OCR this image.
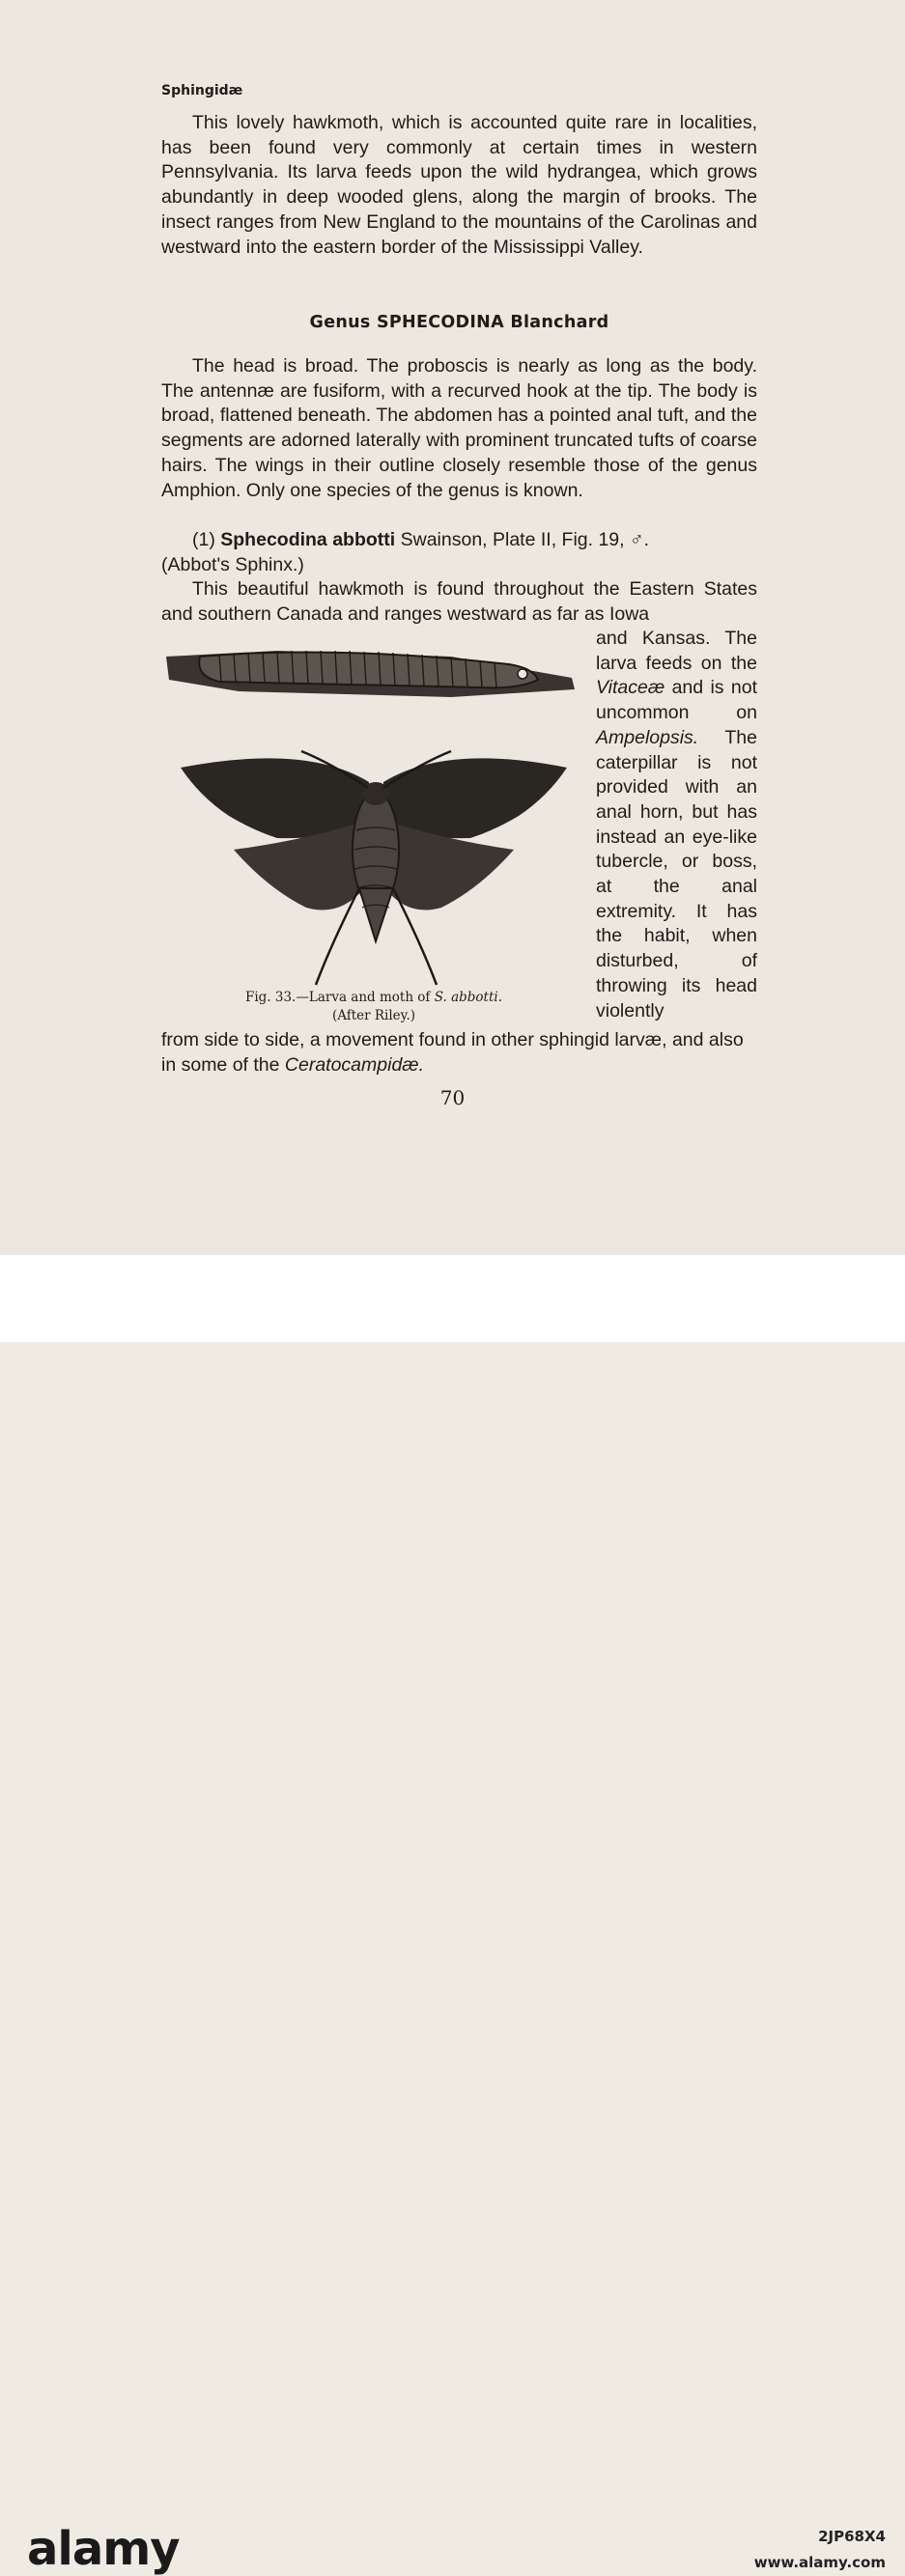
Sphingidæ
This lovely hawkmoth, which is accounted quite rare in localities, has been found very commonly at certain times in western Pennsylvania. Its larva feeds upon the wild hydrangea, which grows abundantly in deep wooded glens, along the margin of brooks. The insect ranges from New England to the mountains of the Carolinas and westward into the eastern border of the Mississippi Valley.
Genus SPHECODINA Blanchard
The head is broad. The proboscis is nearly as long as the body. The antennæ are fusiform, with a recurved hook at the tip. The body is broad, flattened beneath. The abdomen has a pointed anal tuft, and the segments are adorned laterally with prominent truncated tufts of coarse hairs. The wings in their outline closely resemble those of the genus Amphion. Only one species of the genus is known.
(1) Sphecodina abbotti Swainson, Plate II, Fig. 19, ♂.
(Abbot's Sphinx.)
This beautiful hawkmoth is found throughout the Eastern States and southern Canada and ranges westward as far as Iowa
Fig. 33.—Larva and moth of S. abbotti.
(After Riley.)
and Kansas. The larva feeds on the Vitaceæ and is not uncommon on Ampelopsis. The caterpillar is not provided with an anal horn, but has instead an eye-like tubercle, or boss, at the anal extremity. It has the habit, when disturbed, of throwing its head violently
from side to side, a movement found in other sphingid larvæ, and also in some of the Ceratocampidæ.
70
alamy	2JP68X4
www.alamy.com
